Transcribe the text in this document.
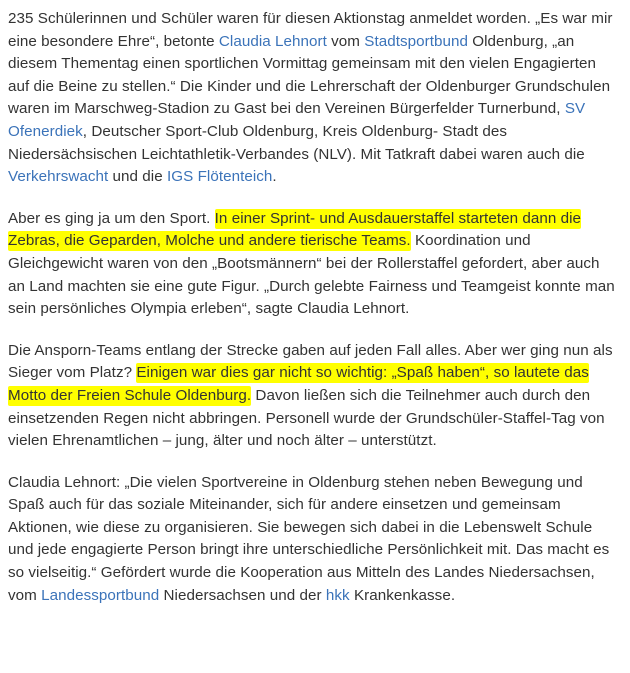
235 Schülerinnen und Schüler waren für diesen Aktionstag anmeldet worden. „Es war mir eine besondere Ehre“, betonte Claudia Lehnort vom Stadtsportbund Oldenburg, „an diesem Thementag einen sportlichen Vormittag gemeinsam mit den vielen Engagierten auf die Beine zu stellen.“ Die Kinder und die Lehrerschaft der Oldenburger Grundschulen waren im Marschweg-Stadion zu Gast bei den Vereinen Bürgerfelder Turnerbund, SV Ofenerdiek, Deutscher Sport-Club Oldenburg, Kreis Oldenburg- Stadt des Niedersächsischen Leichtathletik-Verbandes (NLV). Mit Tatkraft dabei waren auch die Verkehrswacht und die IGS Flötenteich.

Aber es ging ja um den Sport. In einer Sprint- und Ausdauerstaffel starteten dann die Zebras, die Geparden, Molche und andere tierische Teams. Koordination und Gleichgewicht waren von den „Bootsmännern“ bei der Rollerstaffel gefordert, aber auch an Land machten sie eine gute Figur. „Durch gelebte Fairness und Teamgeist konnte man sein persönliches Olympia erleben“, sagte Claudia Lehnort.

Die Ansporn-Teams entlang der Strecke gaben auf jeden Fall alles. Aber wer ging nun als Sieger vom Platz? Einigen war dies gar nicht so wichtig: „Spaß haben“, so lautete das Motto der Freien Schule Oldenburg. Davon ließen sich die Teilnehmer auch durch den einsetzenden Regen nicht abbringen. Personell wurde der Grundschüler-Staffel-Tag von vielen Ehrenamtlichen – jung, älter und noch älter – unterstützt.

Claudia Lehnort: „Die vielen Sportvereine in Oldenburg stehen neben Bewegung und Spaß auch für das soziale Miteinander, sich für andere einsetzen und gemeinsam Aktionen, wie diese zu organisieren. Sie bewegen sich dabei in die Lebenswelt Schule und jede engagierte Person bringt ihre unterschiedliche Persönlichkeit mit. Das macht es so vielseitig.“ Gefördert wurde die Kooperation aus Mitteln des Landes Niedersachsen, vom Landessportbund Niedersachsen und der hkk Krankenkasse.
